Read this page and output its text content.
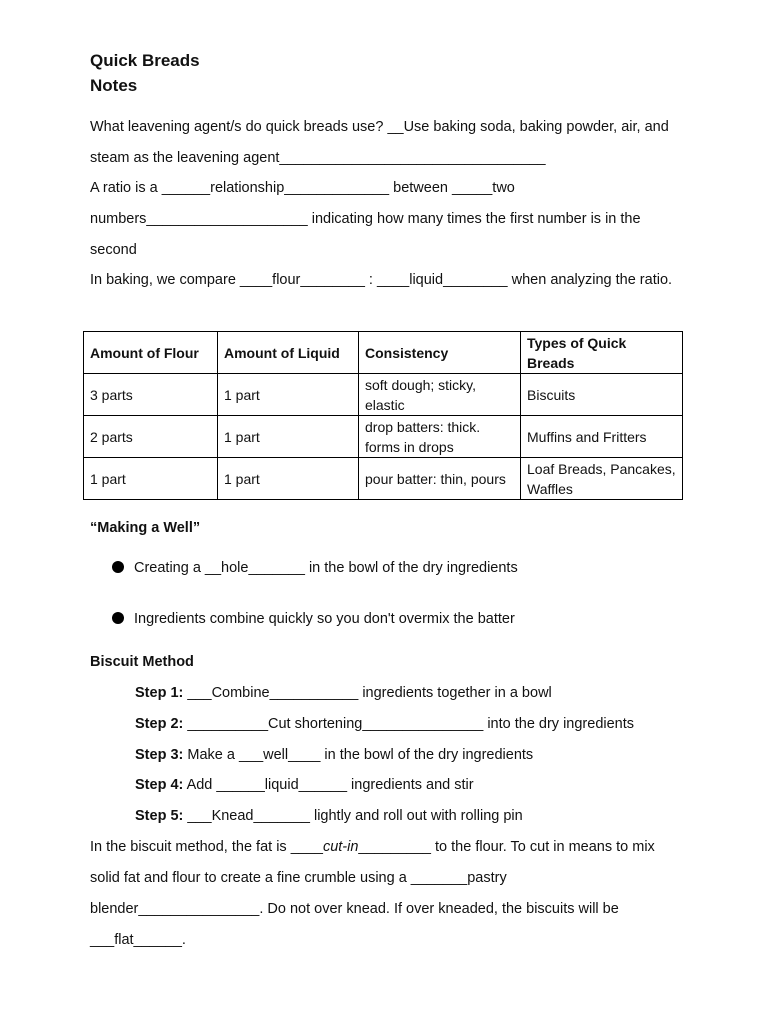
Quick Breads
Notes
What leavening agent/s do quick breads use? __Use baking soda, baking powder, air, and steam as the leavening agent_________________________________
A ratio is a ______relationship_____________ between _____two numbers____________________ indicating how many times the first number is in the second
In baking, we compare ____flour________ : ____liquid________ when analyzing the ratio.
Amount of Flour	Amount of Liquid	Consistency	Types of Quick Breads
3 parts	1 part	soft dough; sticky, elastic	Biscuits
2 parts	1 part	drop batters: thick. forms in drops	Muffins and Fritters
1 part	1 part	pour batter: thin, pours	Loaf Breads, Pancakes, Waffles
“Making a Well”
Creating a __hole_______ in the bowl of the dry ingredients
Ingredients combine quickly so you don't overmix the batter
Biscuit Method
Step 1: ___Combine___________ ingredients together in a bowl
Step 2: __________Cut shortening_______________ into the dry ingredients
Step 3: Make a ___well____ in the bowl of the dry ingredients
Step 4: Add ______liquid______ ingredients and stir
Step 5: ___Knead_______ lightly and roll out with rolling pin
In the biscuit method, the fat is ____cut-in_________ to the flour. To cut in means to mix solid fat and flour to create a fine crumble using a _______pastry blender_______________. Do not over knead. If over kneaded, the biscuits will be ___flat______.
